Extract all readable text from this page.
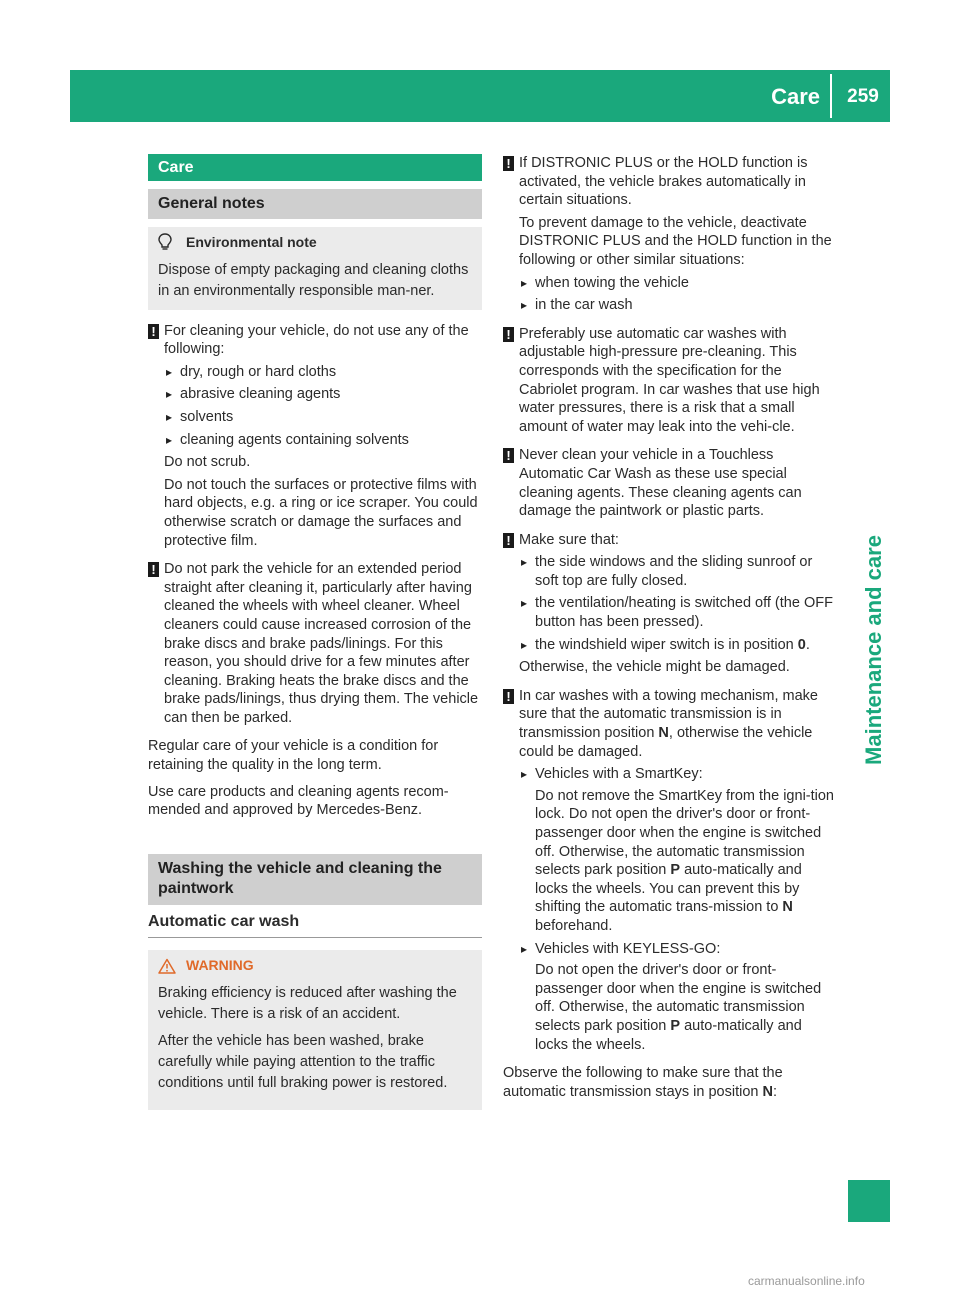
Care	259
Maintenance and care
Care
General notes
Environmental note
Dispose of empty packaging and cleaning cloths in an environmentally responsible man-ner.
! For cleaning your vehicle, do not use any of the following:

▸ dry, rough or hard cloths
▸ abrasive cleaning agents
▸ solvents
▸ cleaning agents containing solvents

Do not scrub.

Do not touch the surfaces or protective films with hard objects, e.g. a ring or ice scraper. You could otherwise scratch or damage the surfaces and protective film.

! Do not park the vehicle for an extended period straight after cleaning it, particularly after having cleaned the wheels with wheel cleaner. Wheel cleaners could cause increased corrosion of the brake discs and brake pads/linings. For this reason, you should drive for a few minutes after cleaning. Braking heats the brake discs and the brake pads/linings, thus drying them. The vehicle can then be parked.

Regular care of your vehicle is a condition for retaining the quality in the long term.

Use care products and cleaning agents recom-mended and approved by Mercedes-Benz.

Washing the vehicle and cleaning the paintwork
Automatic car wash
WARNING

Braking efficiency is reduced after washing the vehicle. There is a risk of an accident.

After the vehicle has been washed, brake carefully while paying attention to the traffic conditions until full braking power is restored.

! If DISTRONIC PLUS or the HOLD function is activated, the vehicle brakes automatically in certain situations.

To prevent damage to the vehicle, deactivate DISTRONIC PLUS and the HOLD function in the following or other similar situations:

▸ when towing the vehicle
▸ in the car wash
! Preferably use automatic car washes with adjustable high-pressure pre-cleaning. This corresponds with the specification for the Cabriolet program. In car washes that use high water pressures, there is a risk that a small amount of water may leak into the vehi-cle.

! Never clean your vehicle in a Touchless Automatic Car Wash as these use special cleaning agents. These cleaning agents can damage the paintwork or plastic parts.

! Make sure that:

▸ the side windows and the sliding sunroof or soft top are fully closed.
▸ the ventilation/heating is switched off (the OFF button has been pressed).
▸ the windshield wiper switch is in position 0.

Otherwise, the vehicle might be damaged.

! In car washes with a towing mechanism, make sure that the automatic transmission is in transmission position N, otherwise the vehicle could be damaged.

▸ Vehicles with a SmartKey:
Do not remove the SmartKey from the igni-tion lock. Do not open the driver's door or front-passenger door when the engine is switched off. Otherwise, the automatic transmission selects park position P auto-matically and locks the wheels. You can prevent this by shifting the automatic trans-mission to N beforehand.
▸ Vehicles with KEYLESS-GO:
Do not open the driver's door or front-passenger door when the engine is switched off. Otherwise, the automatic transmission selects park position P auto-matically and locks the wheels.

Observe the following to make sure that the automatic transmission stays in position N:

carmanualsonline.info
